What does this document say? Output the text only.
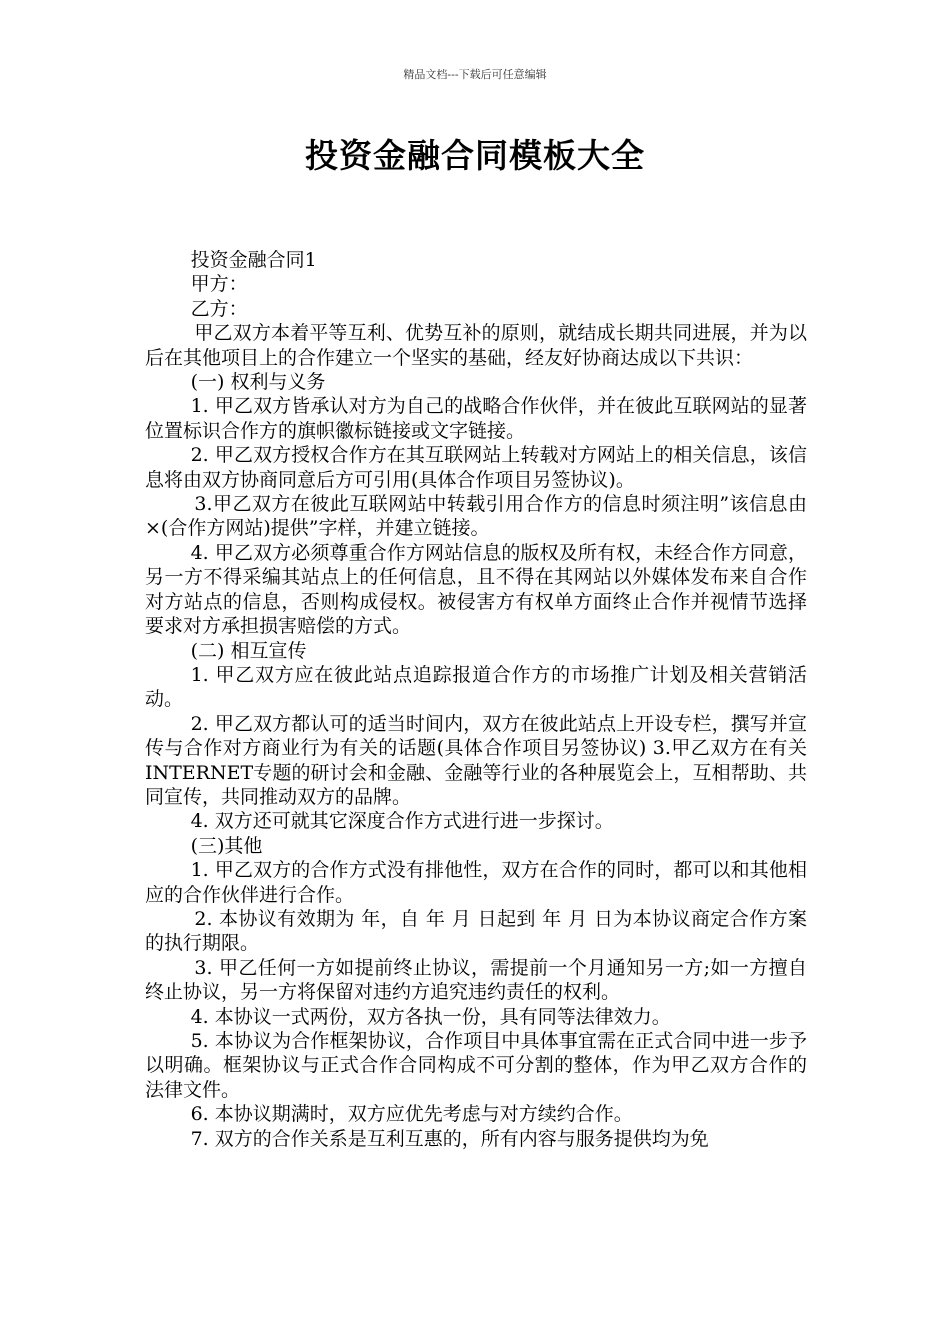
精品文档---下载后可任意编辑
投资金融合同模板大全

投资金融合同1

甲方：

乙方：

甲乙双方本着平等互利、优势互补的原则，就结成长期共同进展，并为以后在其他项目上的合作建立一个坚实的基础，经友好协商达成以下共识：

(一) 权利与义务

1. 甲乙双方皆承认对方为自己的战略合作伙伴，并在彼此互联网站的显著位置标识合作方的旗帜徽标链接或文字链接。

2. 甲乙双方授权合作方在其互联网站上转载对方网站上的相关信息，该信息将由双方协商同意后方可引用(具体合作项目另签协议)。

3.甲乙双方在彼此互联网站中转载引用合作方的信息时须注明”该信息由×(合作方网站)提供”字样，并建立链接。

4. 甲乙双方必须尊重合作方网站信息的版权及所有权，未经合作方同意，另一方不得采编其站点上的任何信息，且不得在其网站以外媒体发布来自合作对方站点的信息，否则构成侵权。被侵害方有权单方面终止合作并视情节选择要求对方承担损害赔偿的方式。

(二) 相互宣传

1. 甲乙双方应在彼此站点追踪报道合作方的市场推广计划及相关营销活动。

2. 甲乙双方都认可的适当时间内，双方在彼此站点上开设专栏，撰写并宣传与合作对方商业行为有关的话题(具体合作项目另签协议) 3.甲乙双方在有关INTERNET专题的研讨会和金融、金融等行业的各种展览会上，互相帮助、共同宣传，共同推动双方的品牌。

4. 双方还可就其它深度合作方式进行进一步探讨。

(三)其他

1. 甲乙双方的合作方式没有排他性，双方在合作的同时，都可以和其他相应的合作伙伴进行合作。

2. 本协议有效期为 年，自 年 月 日起到 年 月 日为本协议商定合作方案的执行期限。

3. 甲乙任何一方如提前终止协议，需提前一个月通知另一方;如一方擅自终止协议，另一方将保留对违约方追究违约责任的权利。

4. 本协议一式两份，双方各执一份，具有同等法律效力。

5. 本协议为合作框架协议，合作项目中具体事宜需在正式合同中进一步予以明确。框架协议与正式合作合同构成不可分割的整体，作为甲乙双方合作的法律文件。

6. 本协议期满时，双方应优先考虑与对方续约合作。

7. 双方的合作关系是互利互惠的，所有内容与服务提供均为免
